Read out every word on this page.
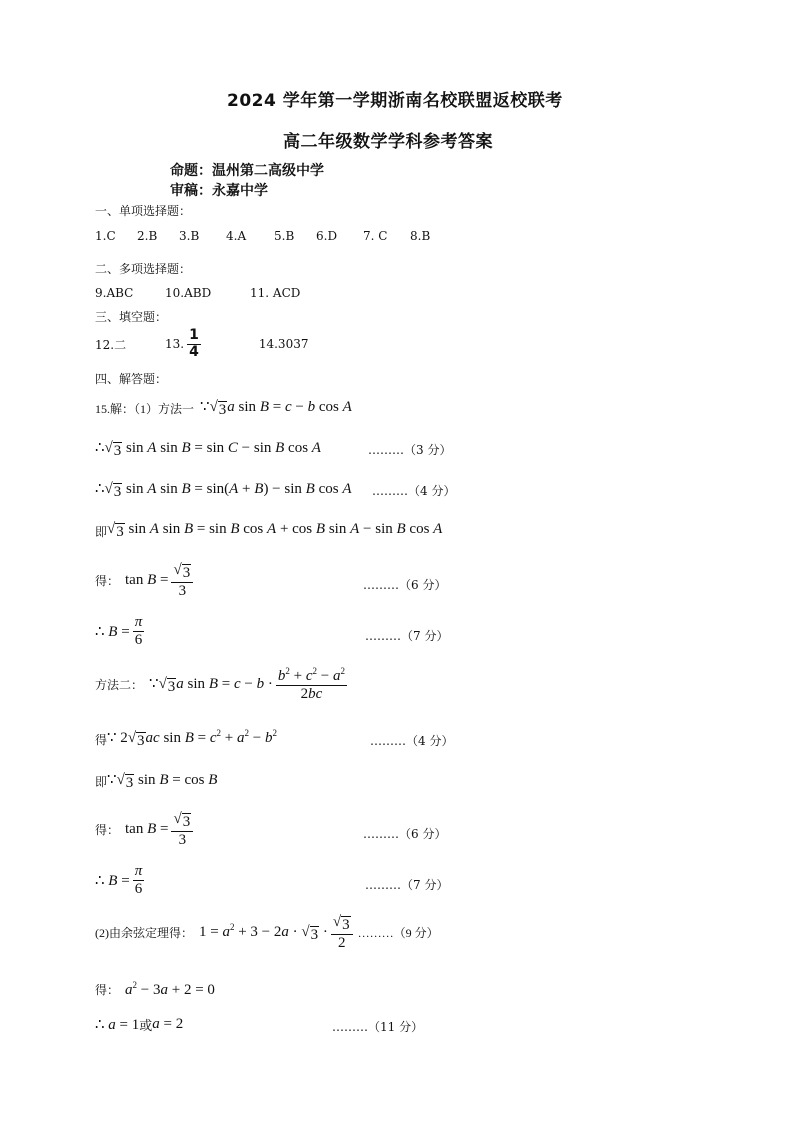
2024 学年第一学期浙南名校联盟返校联考
高二年级数学学科参考答案
命题：温州第二高级中学
审稿：永嘉中学
一、单项选择题：
1.C	2.B	3.B	4.A	5.B	6.D	7. C	8.B
二、多项选择题：
9.ABC	10.ABD	11. ACD
三、填空题：
12.二	13. $\frac{1}{4}$	14.3037
四、解答题：
15.解：（1）方法一 ∵ √ 3 a sin B = c − b cos A
∴ √ 3 sin A sin B = sin C − sin B cos A	………（3 分）
∴ √ 3 sin A sin B = sin(A + B) − sin B cos A ………（4 分）
即 √ 3 sin A sin B = sin B cos A + cos B sin A − sin B cos A
得： $\tan B = \frac{√ 3}{3}$	………（6 分）
∴ $B = \frac{\pi}{6}$	………（7 分）
方法二： ∵ √ 3 a $\sin B = c - b \cdot \frac{b^2 + c^2 - a^2}{2bc}$
得 ∵ 2 √ 3 ac $\sin B = c^2 + a^2 - b^2$
………（4 分）
即 ∵ √ 3 sin B = cos B
得： $\tan B = \frac{√ 3}{3}$	………（6 分）
∴ $B = \frac{\pi}{6}$	………（7 分）
(2)由余弦定理得： $1 = a^2 + 3 - 2a$ · √ $3 \cdot \frac{√ 3}{2}$ ………（9 分）
得： $a^2 - 3a + 2 = 0$
∴ a = 1 或 a = 2	………（11 分）
